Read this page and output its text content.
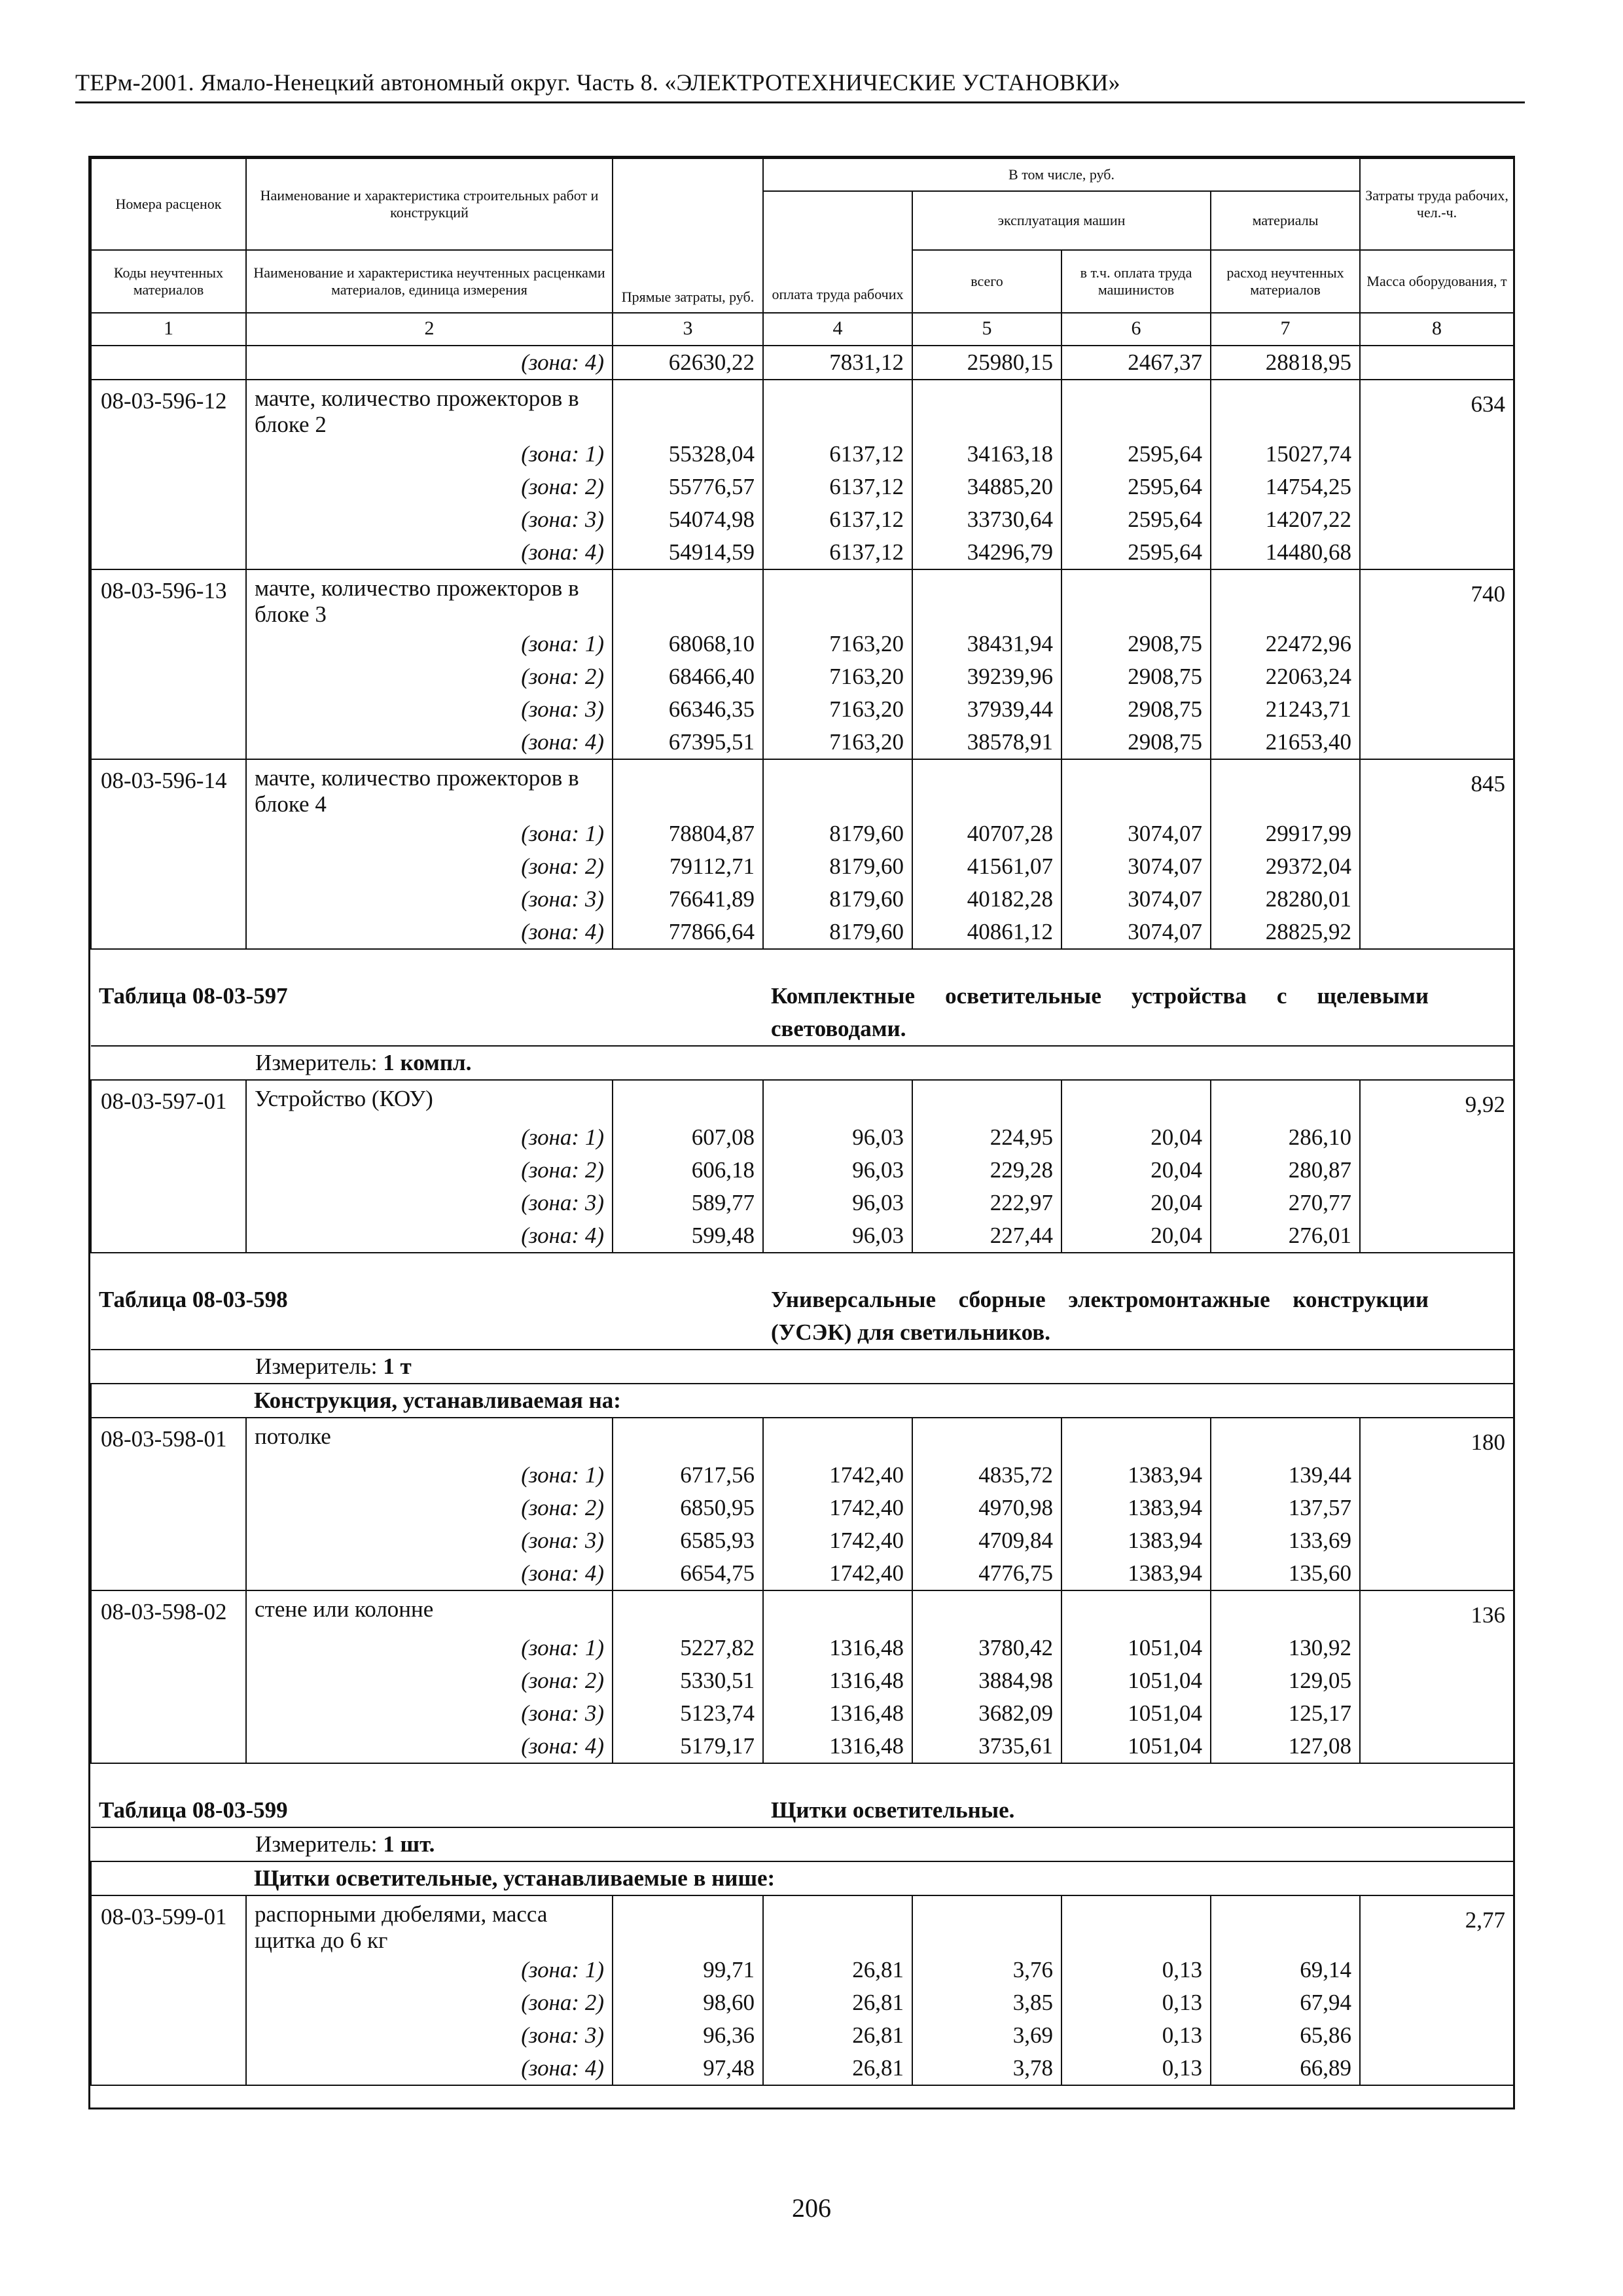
ТЕРм-2001. Ямало-Ненецкий автономный округ. Часть 8. «ЭЛЕКТРОТЕХНИЧЕСКИЕ УСТАНОВКИ»
Номера расценок	Наименование и характеристика строительных работ и конструкций	Прямые затраты, руб.	В том числе, руб.				Затраты труда рабочих, чел.-ч.
			оплата труда рабочих	эксплуатация машин		материалы	
Коды неучтенных материалов	Наименование и характеристика неучтенных расценками материалов, единица измерения			всего	в т.ч. оплата труда машинистов	расход неучтенных материалов	Масса оборудования, т
1	2	3	4	5	6	7	8
	(зона: 4)	62630,22	7831,12	25980,15	2467,37	28818,95	
08-03-596-12	мачте, количество прожекторов в блоке 2						634
	(зона: 1)	55328,04	6137,12	34163,18	2595,64	15027,74	
	(зона: 2)	55776,57	6137,12	34885,20	2595,64	14754,25	
	(зона: 3)	54074,98	6137,12	33730,64	2595,64	14207,22	
	(зона: 4)	54914,59	6137,12	34296,79	2595,64	14480,68	
08-03-596-13	мачте, количество прожекторов в блоке 3						740
	(зона: 1)	68068,10	7163,20	38431,94	2908,75	22472,96	
	(зона: 2)	68466,40	7163,20	39239,96	2908,75	22063,24	
	(зона: 3)	66346,35	7163,20	37939,44	2908,75	21243,71	
	(зона: 4)	67395,51	7163,20	38578,91	2908,75	21653,40	
08-03-596-14	мачте, количество прожекторов в блоке 4						845
	(зона: 1)	78804,87	8179,60	40707,28	3074,07	29917,99	
	(зона: 2)	79112,71	8179,60	41561,07	3074,07	29372,04	
	(зона: 3)	76641,89	8179,60	40182,28	3074,07	28280,01	
	(зона: 4)	77866,64	8179,60	40861,12	3074,07	28825,92	
Таблица 08-03-597			Комплектные осветительные устройства с щелевыми световодами.				
	Измеритель: 1 компл.						
08-03-597-01	Устройство (КОУ)						9,92
	(зона: 1)	607,08	96,03	224,95	20,04	286,10	
	(зона: 2)	606,18	96,03	229,28	20,04	280,87	
	(зона: 3)	589,77	96,03	222,97	20,04	270,77	
	(зона: 4)	599,48	96,03	227,44	20,04	276,01	
Таблица 08-03-598			Универсальные сборные электромонтажные конструкции (УСЭК) для светильников.				
	Измеритель: 1 т						
	Конструкция, устанавливаемая на:						
08-03-598-01	потолке						180
	(зона: 1)	6717,56	1742,40	4835,72	1383,94	139,44	
	(зона: 2)	6850,95	1742,40	4970,98	1383,94	137,57	
	(зона: 3)	6585,93	1742,40	4709,84	1383,94	133,69	
	(зона: 4)	6654,75	1742,40	4776,75	1383,94	135,60	
08-03-598-02	стене или колонне						136
	(зона: 1)	5227,82	1316,48	3780,42	1051,04	130,92	
	(зона: 2)	5330,51	1316,48	3884,98	1051,04	129,05	
	(зона: 3)	5123,74	1316,48	3682,09	1051,04	125,17	
	(зона: 4)	5179,17	1316,48	3735,61	1051,04	127,08	
Таблица 08-03-599			Щитки осветительные.				
	Измеритель: 1 шт.						
	Щитки осветительные, устанавливаемые в нише:						
08-03-599-01	распорными дюбелями, масса щитка до 6 кг						2,77
	(зона: 1)	99,71	26,81	3,76	0,13	69,14	
	(зона: 2)	98,60	26,81	3,85	0,13	67,94	
	(зона: 3)	96,36	26,81	3,69	0,13	65,86	
	(зона: 4)	97,48	26,81	3,78	0,13	66,89	
206
